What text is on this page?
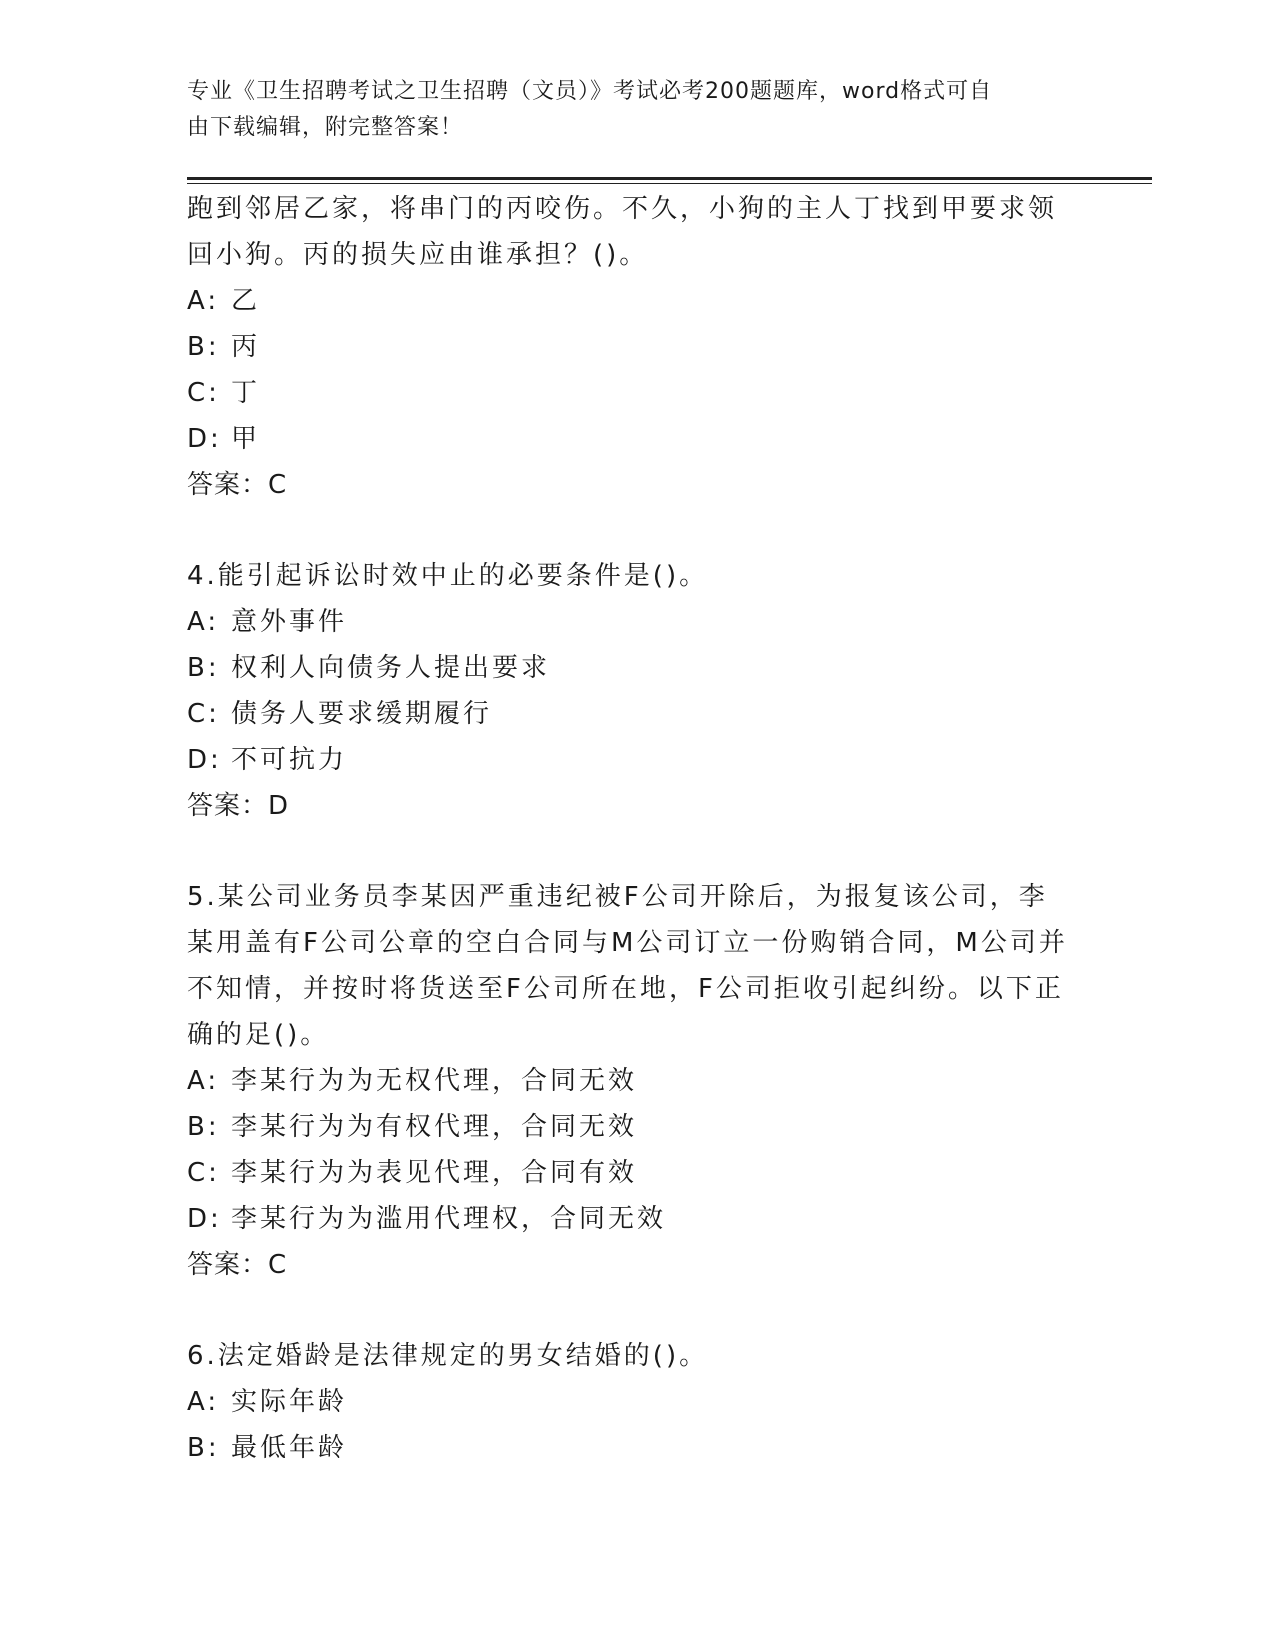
专业《卫生招聘考试之卫生招聘（文员）》考试必考200题题库，word格式可自
由下载编辑，附完整答案！
跑到邻居乙家，将串门的丙咬伤。不久，小狗的主人丁找到甲要求领
回小狗。丙的损失应由谁承担？()。
A: 乙
B: 丙
C: 丁
D: 甲
答案：C
4.能引起诉讼时效中止的必要条件是()。
A: 意外事件
B: 权利人向债务人提出要求
C: 债务人要求缓期履行
D: 不可抗力
答案：D
5.某公司业务员李某因严重违纪被F公司开除后，为报复该公司，李
某用盖有F公司公章的空白合同与M公司订立一份购销合同，M公司并
不知情，并按时将货送至F公司所在地，F公司拒收引起纠纷。以下正
确的足()。
A: 李某行为为无权代理，合同无效
B: 李某行为为有权代理，合同无效
C: 李某行为为表见代理，合同有效
D: 李某行为为滥用代理权，合同无效
答案：C
6.法定婚龄是法律规定的男女结婚的()。
A: 实际年龄
B: 最低年龄
